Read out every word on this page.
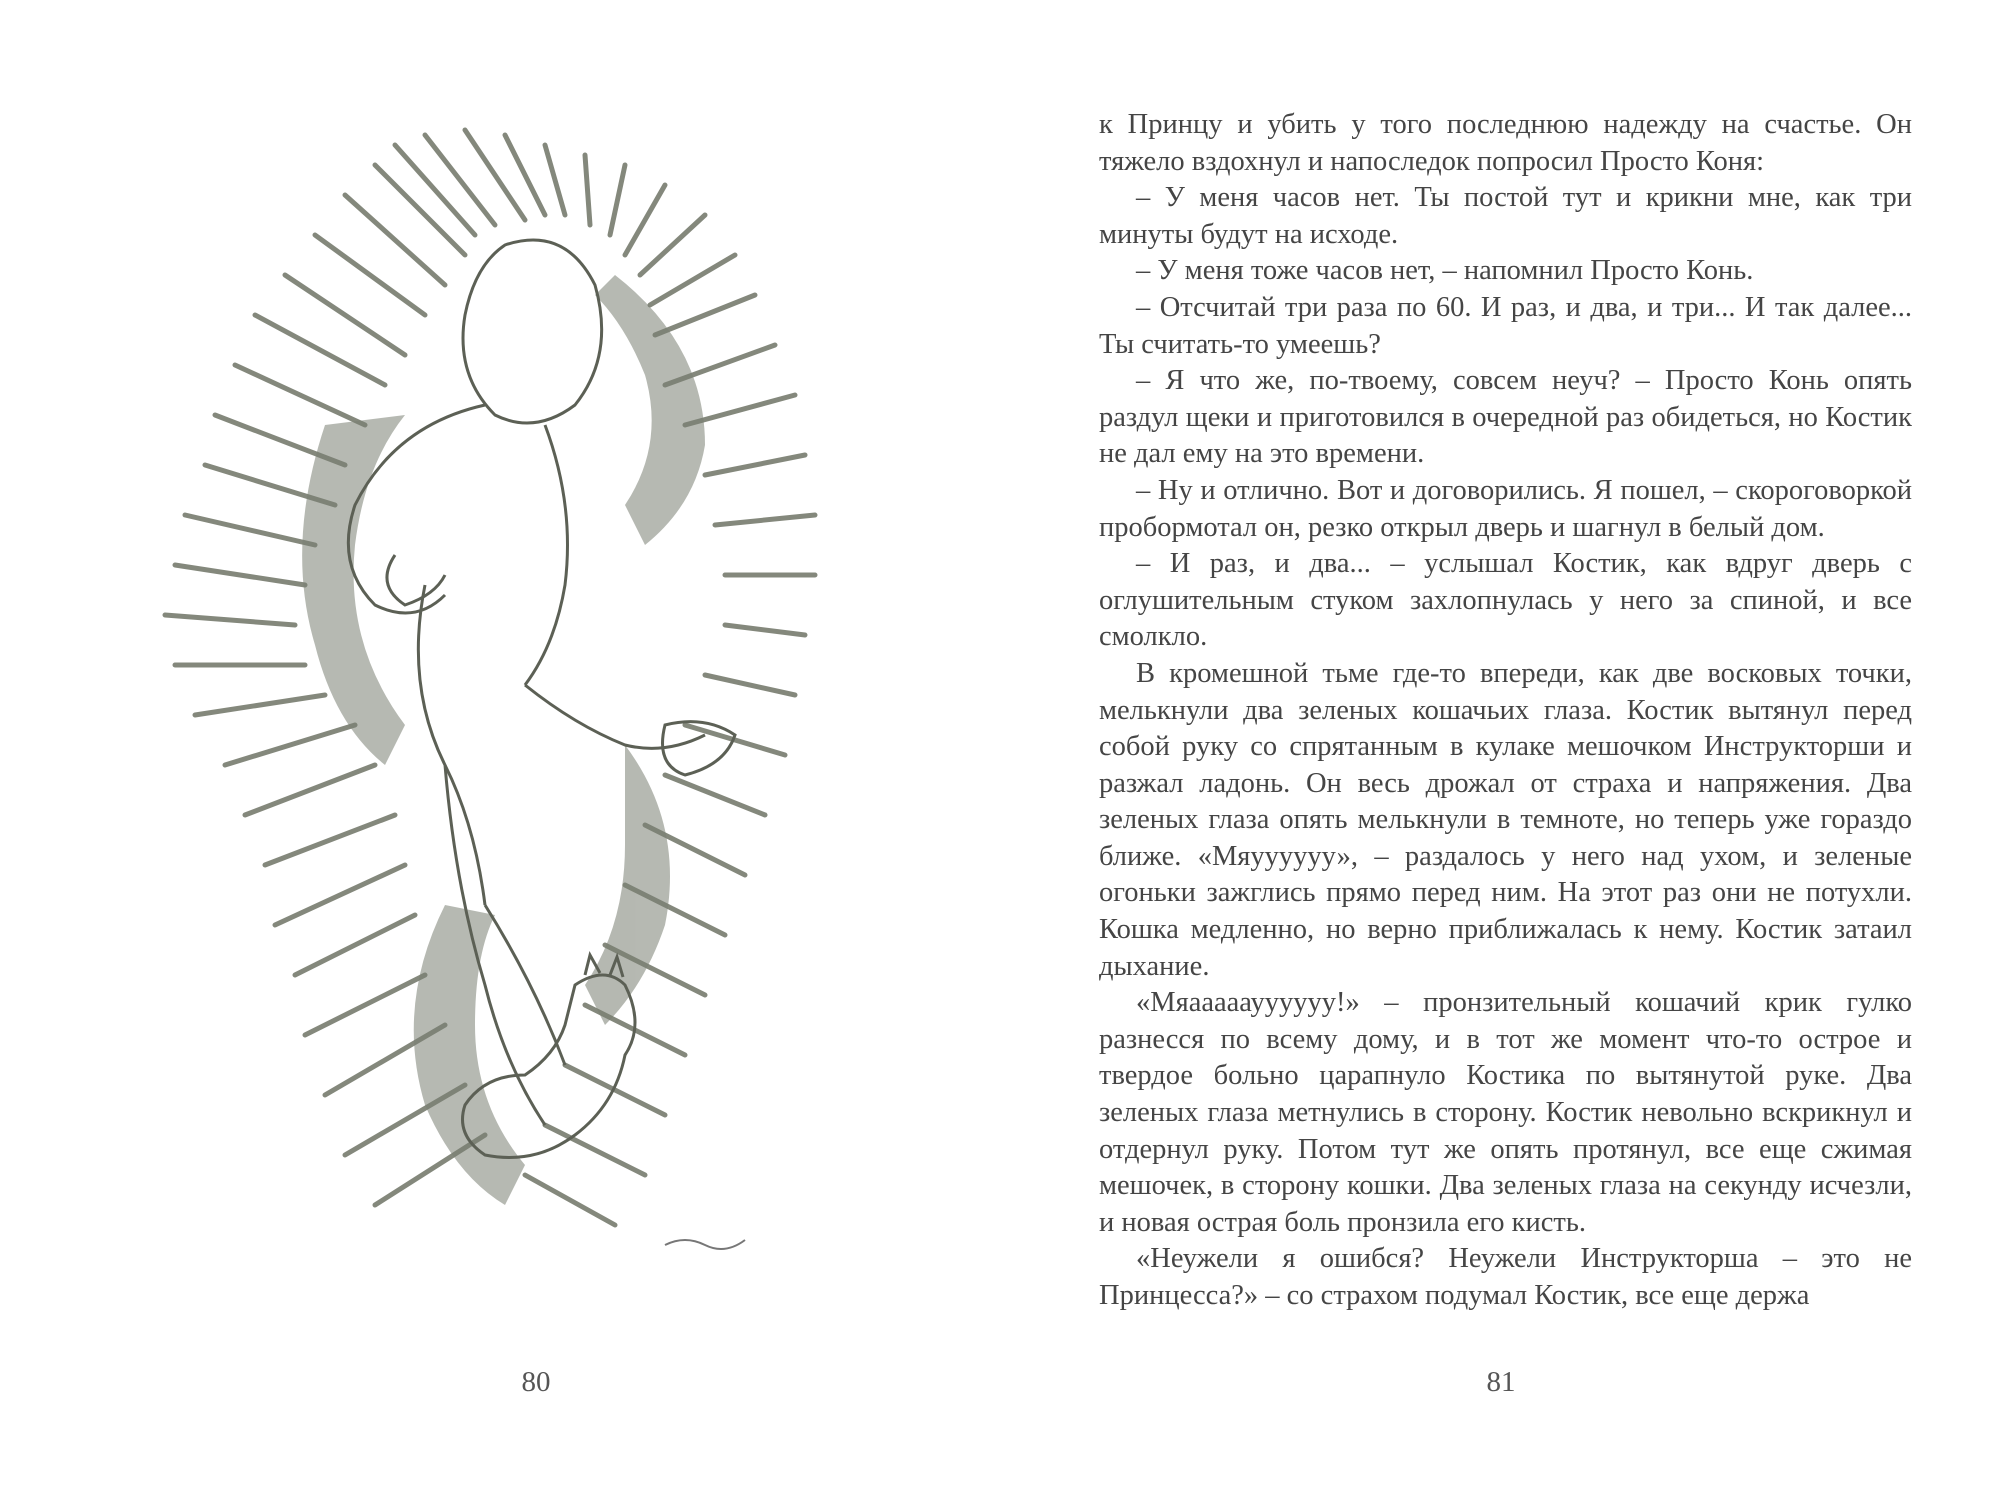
80

к Принцу и убить у того последнюю надежду на счастье. Он тяжело вздохнул и напоследок попросил Просто Коня:

– У меня часов нет. Ты постой тут и крикни мне, как три минуты будут на исходе.

– У меня тоже часов нет, – напомнил Просто Конь.

– Отсчитай три раза по 60. И раз, и два, и три... И так далее... Ты считать-то умеешь?

– Я что же, по-твоему, совсем неуч? – Просто Конь опять раздул щеки и приготовился в очередной раз обидеться, но Костик не дал ему на это времени.

– Ну и отлично. Вот и договорились. Я пошел, – скороговоркой пробормотал он, резко открыл дверь и шагнул в белый дом.

– И раз, и два... – услышал Костик, как вдруг дверь с оглушительным стуком захлопнулась у него за спиной, и все смолкло.

В кромешной тьме где-то впереди, как две восковых точки, мелькнули два зеленых кошачьих глаза. Костик вытянул перед собой руку со спрятанным в кулаке мешочком Инструкторши и разжал ладонь. Он весь дрожал от страха и напряжения. Два зеленых глаза опять мелькнули в темноте, но теперь уже гораздо ближе. «Мяуууууу», – раздалось у него над ухом, и зеленые огоньки зажглись прямо перед ним. На этот раз они не потухли. Кошка медленно, но верно приближалась к нему. Костик затаил дыхание.

«Мяааааауууууу!» – пронзительный кошачий крик гулко разнесся по всему дому, и в тот же момент что-то острое и твердое больно царапнуло Костика по вытянутой руке. Два зеленых глаза метнулись в сторону. Костик невольно вскрикнул и отдернул руку. Потом тут же опять протянул, все еще сжимая мешочек, в сторону кошки. Два зеленых глаза на секунду исчезли, и новая острая боль пронзила его кисть.

«Неужели я ошибся? Неужели Инструкторша – это не Принцесса?» – со страхом подумал Костик, все еще держа

81
